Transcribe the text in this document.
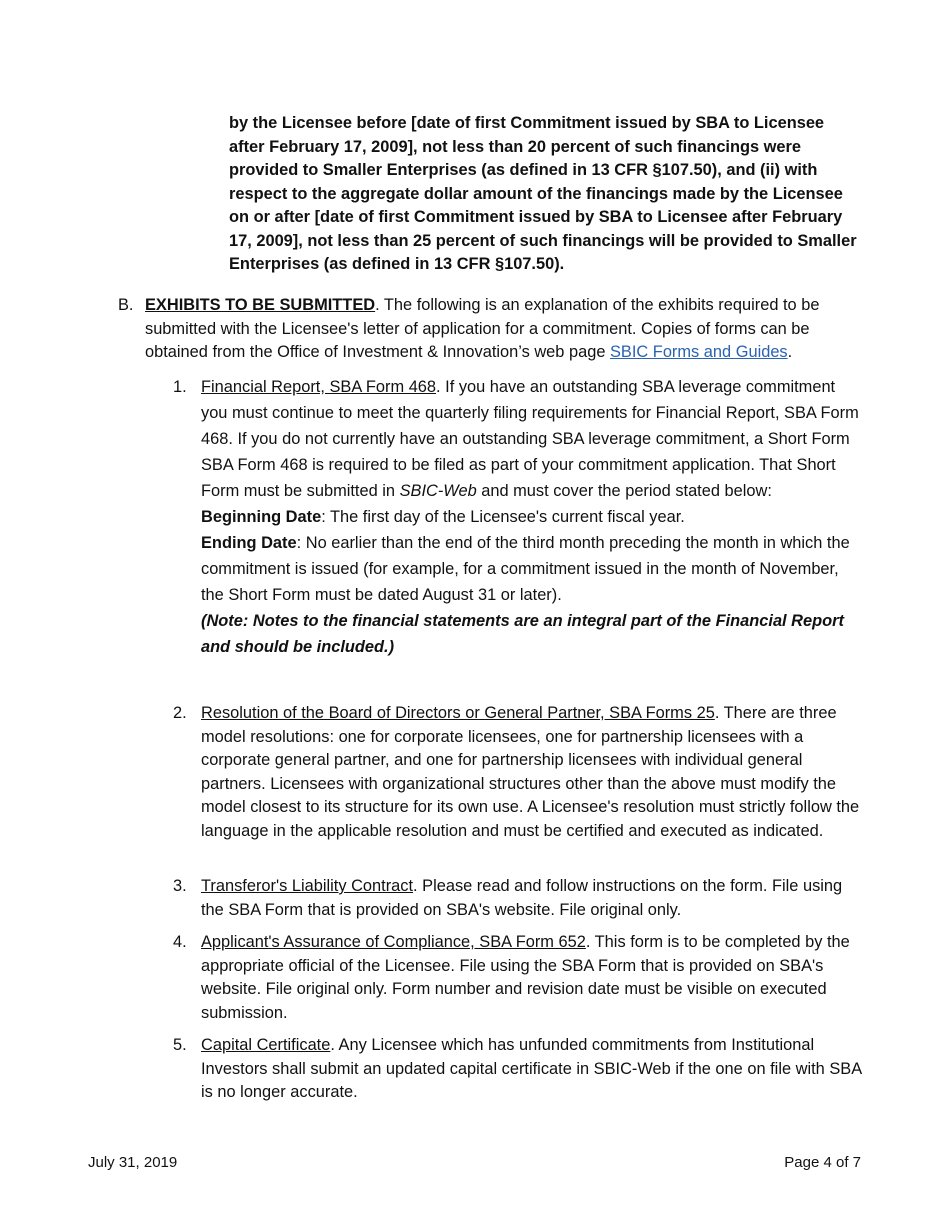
by the Licensee before [date of first Commitment issued by SBA to Licensee after February 17, 2009], not less than 20 percent of such financings were provided to Smaller Enterprises (as defined in 13 CFR §107.50), and (ii) with respect to the aggregate dollar amount of the financings made by the Licensee on or after [date of first Commitment issued by SBA to Licensee after February 17, 2009], not less than 25 percent of such financings will be provided to Smaller Enterprises (as defined in 13 CFR §107.50).

B. EXHIBITS TO BE SUBMITTED. The following is an explanation of the exhibits required to be submitted with the Licensee's letter of application for a commitment. Copies of forms can be obtained from the Office of Investment & Innovation’s web page SBIC Forms and Guides.
1. Financial Report, SBA Form 468. If you have an outstanding SBA leverage commitment you must continue to meet the quarterly filing requirements for Financial Report, SBA Form 468. If you do not currently have an outstanding SBA leverage commitment, a Short Form SBA Form 468 is required to be filed as part of your commitment application. That Short Form must be submitted in SBIC-Web and must cover the period stated below:
Beginning Date: The first day of the Licensee's current fiscal year.
Ending Date: No earlier than the end of the third month preceding the month in which the commitment is issued (for example, for a commitment issued in the month of November, the Short Form must be dated August 31 or later).
(Note: Notes to the financial statements are an integral part of the Financial Report and should be included.)
2. Resolution of the Board of Directors or General Partner, SBA Forms 25. There are three model resolutions: one for corporate licensees, one for partnership licensees with a corporate general partner, and one for partnership licensees with individual general partners. Licensees with organizational structures other than the above must modify the model closest to its structure for its own use. A Licensee's resolution must strictly follow the language in the applicable resolution and must be certified and executed as indicated.
3. Transferor's Liability Contract. Please read and follow instructions on the form. File using the SBA Form that is provided on SBA's website. File original only.
4. Applicant's Assurance of Compliance, SBA Form 652. This form is to be completed by the appropriate official of the Licensee. File using the SBA Form that is provided on SBA's website. File original only. Form number and revision date must be visible on executed submission.
5. Capital Certificate. Any Licensee which has unfunded commitments from Institutional Investors shall submit an updated capital certificate in SBIC-Web if the one on file with SBA is no longer accurate.
July 31, 2019	Page 4 of 7
